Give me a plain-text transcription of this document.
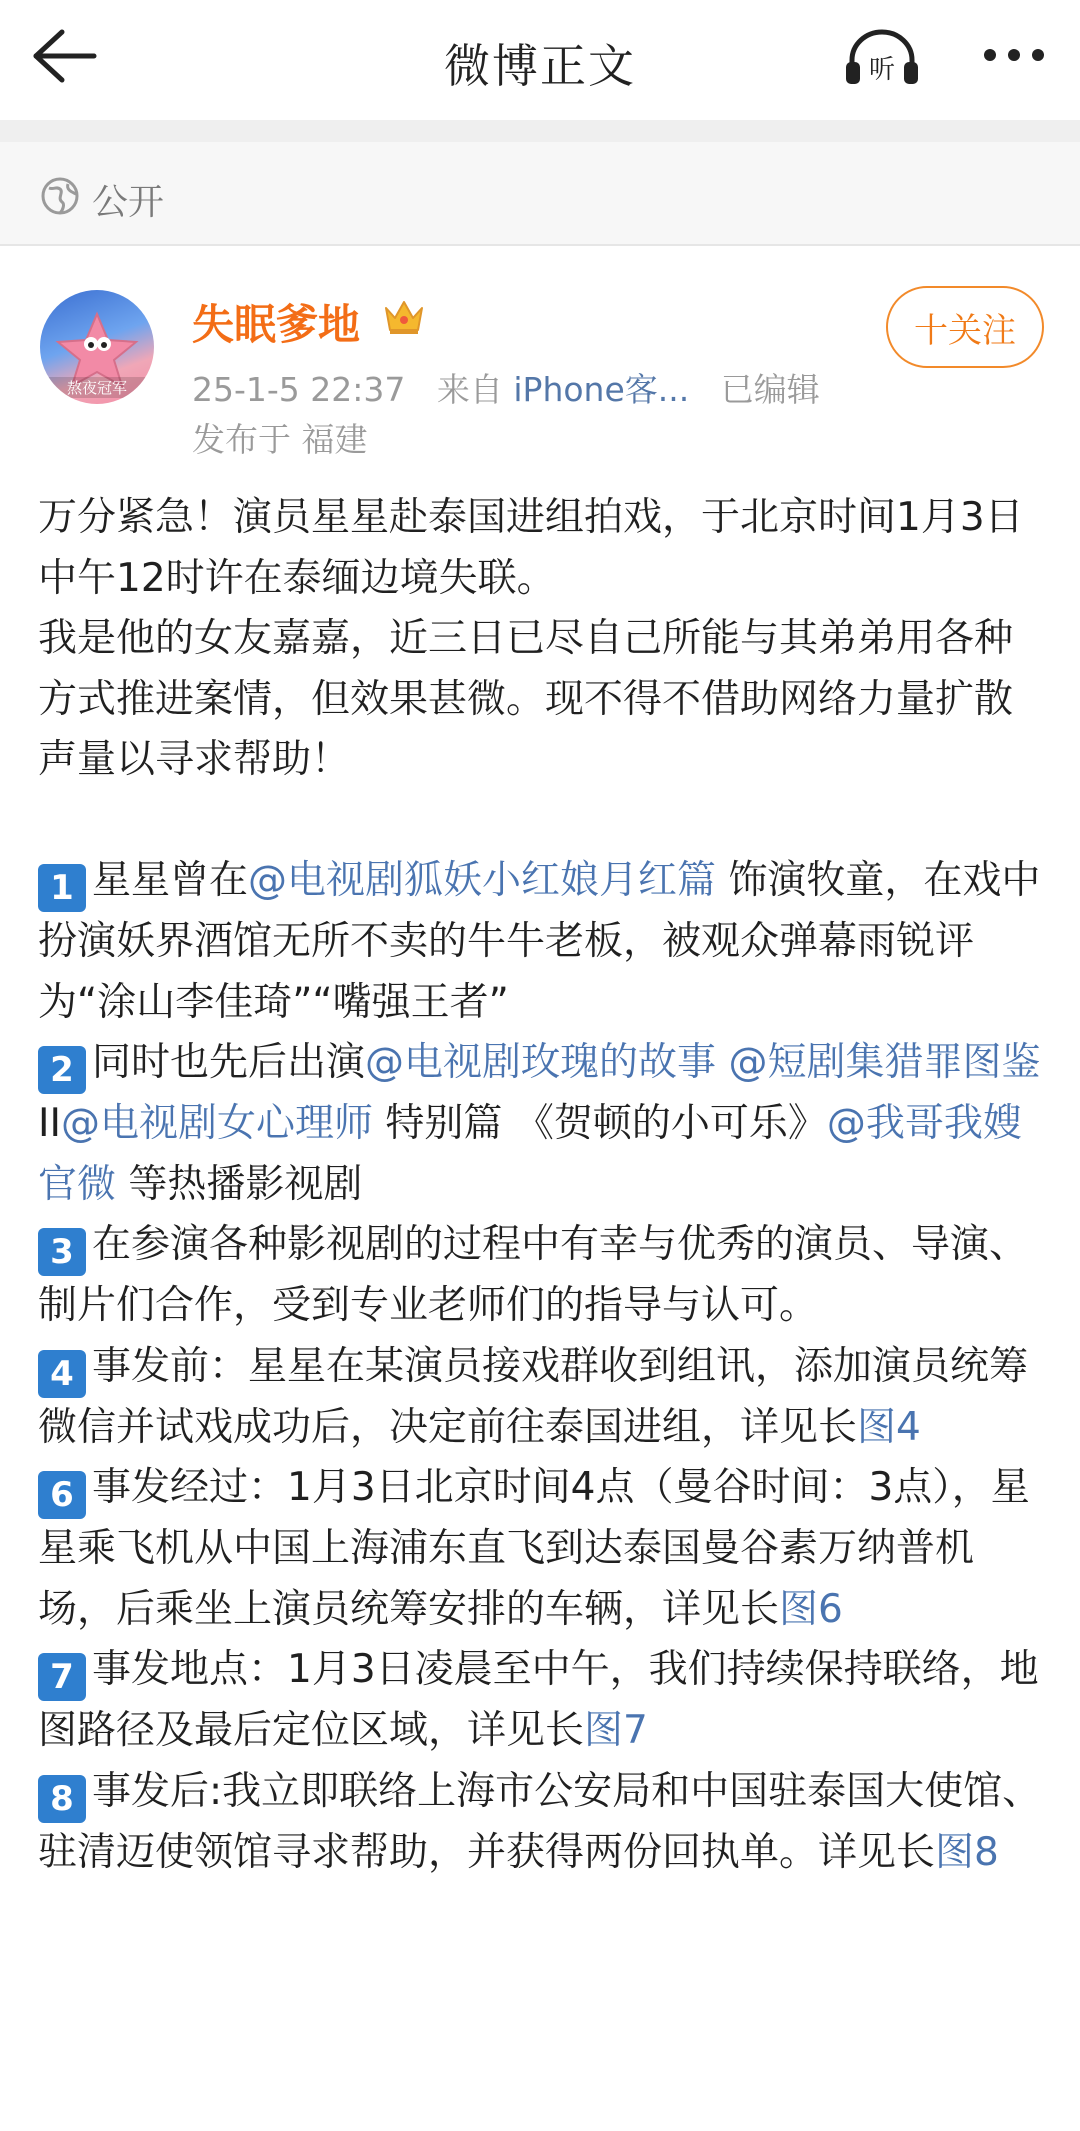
微博正文	听
公开
熬夜冠军
失眠爹地
25-1-5 22:37 来自 iPhone客... 已编辑
发布于 福建
十关注

万分紧急！演员星星赴泰国进组拍戏，于北京时间1月3日中午12时许在泰缅边境失联。

我是他的女友嘉嘉，近三日已尽自己所能与其弟弟用各种方式推进案情，但效果甚微。现不得不借助网络力量扩散声量以寻求帮助！

1 星星曾在@电视剧狐妖小红娘月红篇 饰演牧童，在戏中扮演妖界酒馆无所不卖的牛牛老板，被观众弹幕雨锐评为“涂山李佳琦”“嘴强王者”

2 同时也先后出演@电视剧玫瑰的故事 @短剧集猎罪图鉴 II@电视剧女心理师 特别篇 《贺顿的小可乐》@我哥我嫂官微 等热播影视剧

3 在参演各种影视剧的过程中有幸与优秀的演员、导演、制片们合作，受到专业老师们的指导与认可。

4 事发前：星星在某演员接戏群收到组讯，添加演员统筹微信并试戏成功后，决定前往泰国进组，详见长图4

6 事发经过：1月3日北京时间4点（曼谷时间：3点），星星乘飞机从中国上海浦东直飞到达泰国曼谷素万纳普机场，后乘坐上演员统筹安排的车辆，详见长图6

7 事发地点：1月3日凌晨至中午，我们持续保持联络，地图路径及最后定位区域，详见长图7

8 事发后:我立即联络上海市公安局和中国驻泰国大使馆、驻清迈使领馆寻求帮助，并获得两份回执单。详见长图8
